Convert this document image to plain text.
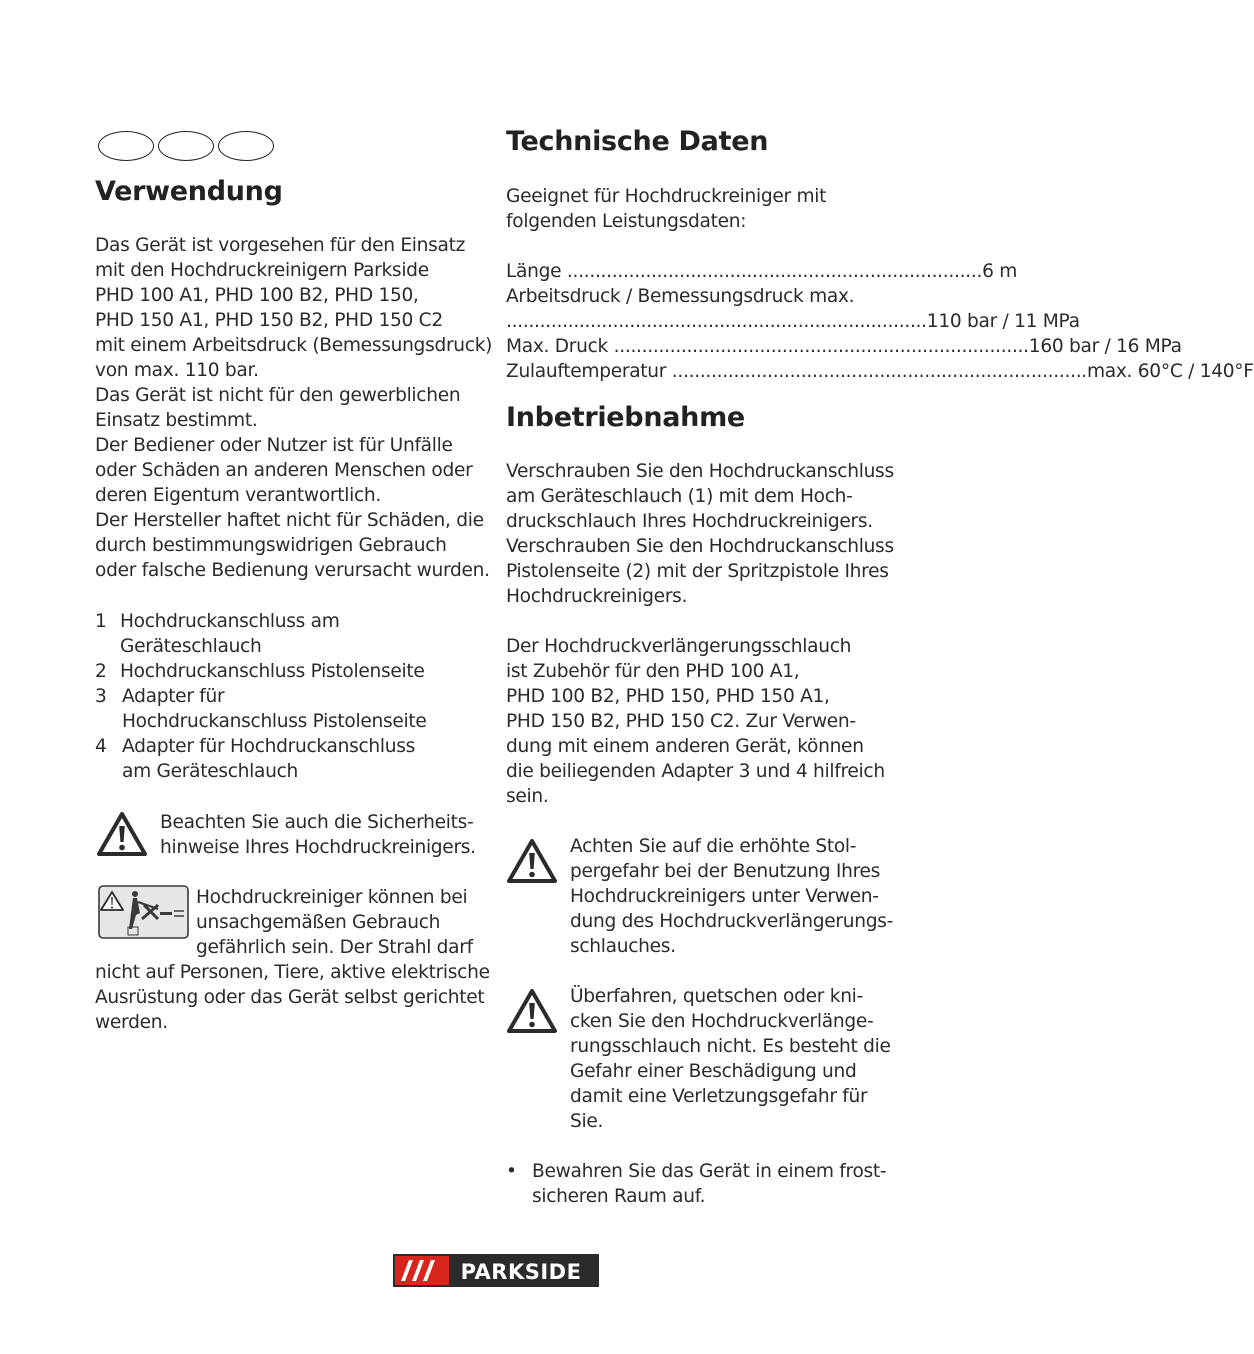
Verwendung
Das Gerät ist vorgesehen für den Einsatz
mit den Hochdruckreinigern Parkside
PHD 100 A1, PHD 100 B2, PHD 150,
PHD 150 A1, PHD 150 B2, PHD 150 C2
mit einem Arbeitsdruck (Bemessungsdruck)
von max. 110 bar.
Das Gerät ist nicht für den gewerblichen
Einsatz bestimmt.
Der Bediener oder Nutzer ist für Unfälle
oder Schäden an anderen Menschen oder
deren Eigentum verantwortlich.
Der Hersteller haftet nicht für Schäden, die
durch bestimmungswidrigen Gebrauch
oder falsche Bedienung verursacht wurden.
1 Hochdruckanschluss am
Geräteschlauch
2 Hochdruckanschluss Pistolenseite
3 Adapter für
Hochdruckanschluss Pistolenseite
4 Adapter für Hochdruckanschluss
am Geräteschlauch
Beachten Sie auch die Sicherheits-
hinweise Ihres Hochdruckreinigers.
Hochdruckreiniger können bei
unsachgemäßen Gebrauch
gefährlich sein. Der Strahl darf
nicht auf Personen, Tiere, aktive elektrische
Ausrüstung oder das Gerät selbst gerichtet
werden.
Technische Daten
Geeignet für Hochdruckreiniger mit
folgenden Leistungsdaten:
Länge .......................................................................... 6 m
Arbeitsdruck / Bemessungsdruck max.
........................................................................... 110 bar / 11 MPa
Max. Druck .......................................................................... 160 bar / 16 MPa
Zulauftemperatur .......................................................................... max. 60°C / 140°F
Inbetriebnahme
Verschrauben Sie den Hochdruckanschluss
am Geräteschlauch (1) mit dem Hoch-
druckschlauch Ihres Hochdruckreinigers.
Verschrauben Sie den Hochdruckanschluss
Pistolenseite (2) mit der Spritzpistole Ihres
Hochdruckreinigers.
Der Hochdruckverlängerungsschlauch
ist Zubehör für den PHD 100 A1,
PHD 100 B2, PHD 150, PHD 150 A1,
PHD 150 B2, PHD 150 C2. Zur Verwen-
dung mit einem anderen Gerät, können
die beiliegenden Adapter 3 und 4 hilfreich
sein.
Achten Sie auf die erhöhte Stol-
pergefahr bei der Benutzung Ihres
Hochdruckreinigers unter Verwen-
dung des Hochdruckverlängerungs-
schlauches.
Überfahren, quetschen oder kni-
cken Sie den Hochdruckverlänge-
rungsschlauch nicht. Es besteht die
Gefahr einer Beschädigung und
damit eine Verletzungsgefahr für
Sie.
• Bewahren Sie das Gerät in einem frost-
sicheren Raum auf.
PARKSIDE
